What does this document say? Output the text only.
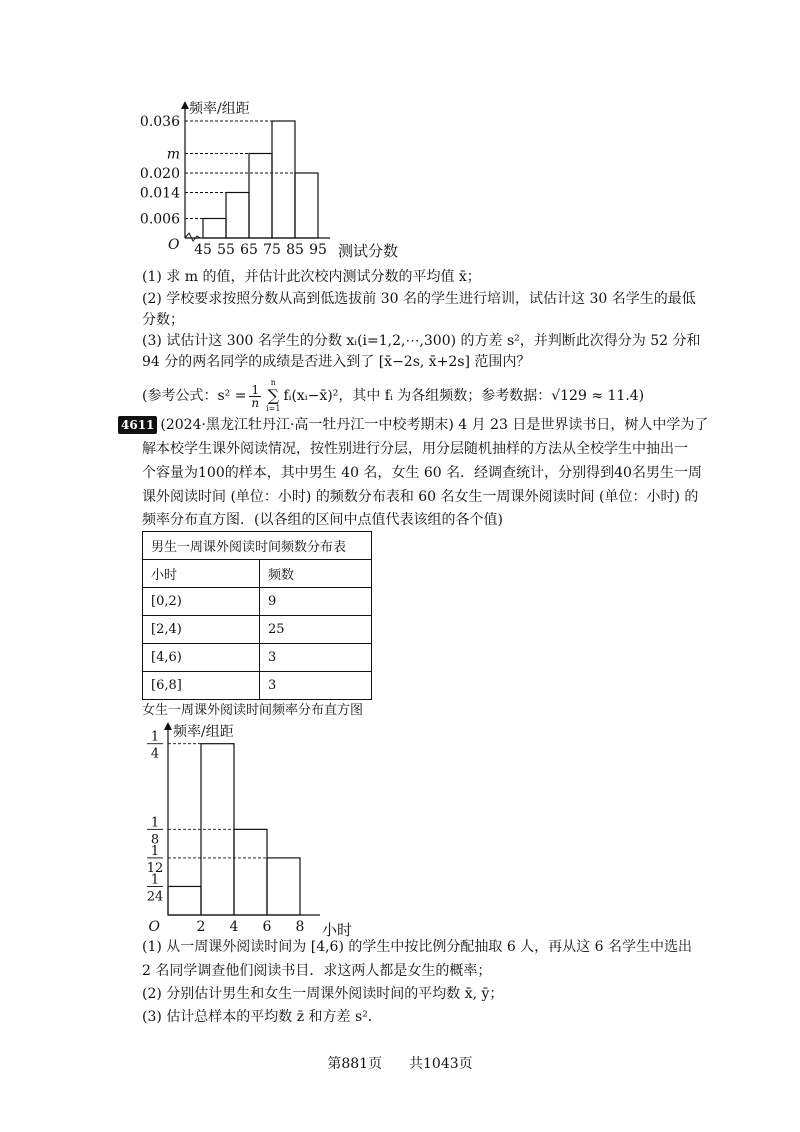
频率/组距
O 45 55 65 75 85 95 测试分数
0.006
0.014
0.020
m
0.036
(1) 求 m 的值，并估计此次校内测试分数的平均值 x̄；
(2) 学校要求按照分数从高到低选拔前 30 名的学生进行培训，试估计这 30 名学生的最低
分数；
(3) 试估计这 300 名学生的分数 xᵢ(i=1,2,⋯,300) 的方差 s²，并判断此次得分为 52 分和
94 分的两名同学的成绩是否进入到了 [x̄−2s, x̄+2s] 范围内？
(参考公式：$s^2 = \frac{1}{n}$
n
∑
i=1
fᵢ(xᵢ−x̄)²，其中 fᵢ 为各组频数；参考数据：√129 ≈ 11.4)
4611 (2024·黑龙江牡丹江·高一牡丹江一中校考期末) 4 月 23 日是世界读书日，树人中学为了
解本校学生课外阅读情况，按性别进行分层，用分层随机抽样的方法从全校学生中抽出一
个容量为100的样本，其中男生 40 名，女生 60 名．经调查统计，分别得到40名男生一周
课外阅读时间 (单位：小时) 的频数分布表和 60 名女生一周课外阅读时间 (单位：小时) 的
频率分布直方图．(以各组的区间中点值代表该组的各个值)
男生一周课外阅读时间频数分布表	
小时	频数
[0,2)	9
[2,4)	25
[4,6)	3
[6,8]	3
女生一周课外阅读时间频率分布直方图
频率/组距
O	2 4 6 8 小时
1
24
1
12
1
8
1
4
(1) 从一周课外阅读时间为 [4,6) 的学生中按比例分配抽取 6 人，再从这 6 名学生中选出
2 名同学调查他们阅读书目．求这两人都是女生的概率；
(2) 分别估计男生和女生一周课外阅读时间的平均数 x̄, ȳ；
(3) 估计总样本的平均数 z̄ 和方差 s²．
第881页 共1043页
